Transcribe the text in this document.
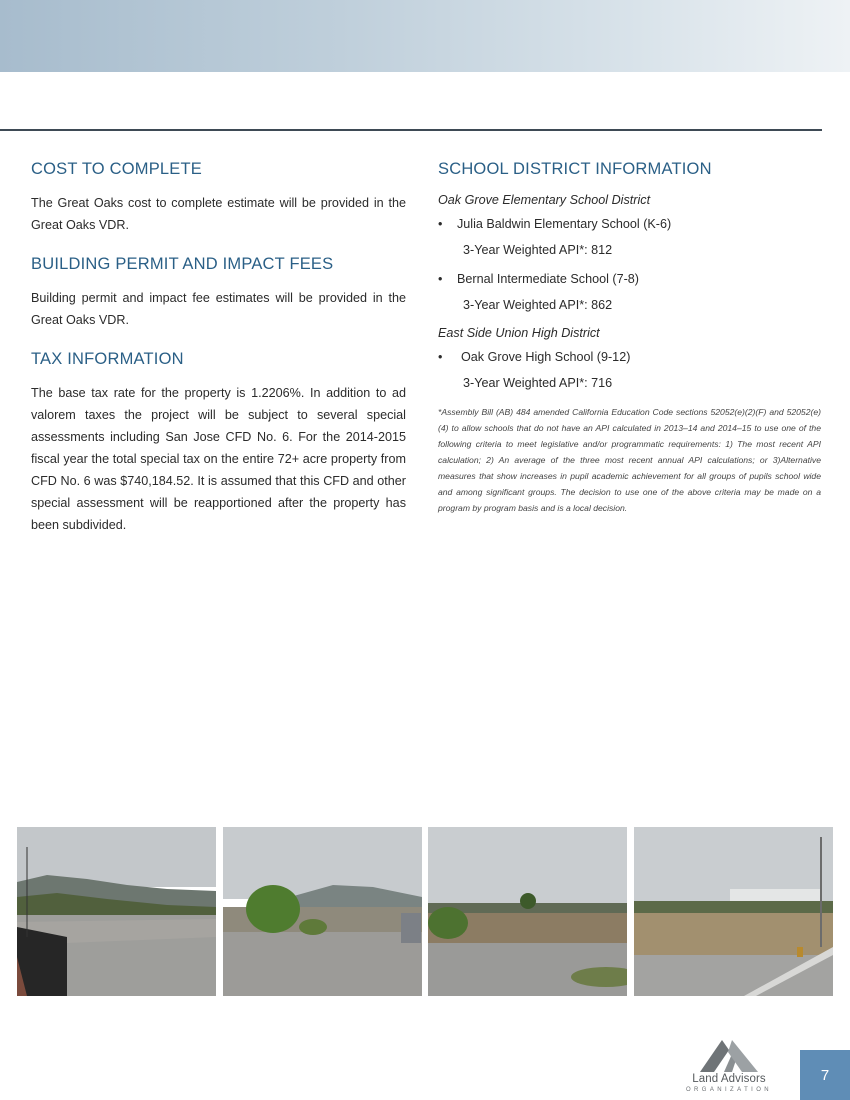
COST TO COMPLETE

The Great Oaks cost to complete estimate will be provided in the Great Oaks VDR.

BUILDING PERMIT AND IMPACT FEES

Building permit and impact fee estimates will be provided in the Great Oaks VDR.

TAX INFORMATION

The base tax rate for the property is 1.2206%. In addition to ad valorem taxes the project will be subject to several special assessments including San Jose CFD No. 6. For the 2014-2015 fiscal year the total special tax on the entire 72+ acre property from CFD No. 6 was $740,184.52. It is assumed that this CFD and other special assessment will be reapportioned after the property has been subdivided.

SCHOOL DISTRICT INFORMATION
Oak Grove Elementary School District
•	Julia Baldwin Elementary School (K-6)
3-Year Weighted API*: 812
•	Bernal Intermediate School (7-8)
3-Year Weighted API*: 862
East Side Union High District
•	Oak Grove High School (9-12)
3-Year Weighted API*: 716
*Assembly Bill (AB) 484 amended California Education Code sections 52052(e)(2)(F) and 52052(e)(4) to allow schools that do not have an API calculated in 2013–14 and 2014–15 to use one of the following criteria to meet legislative and/or programmatic requirements: 1) The most recent API calculation; 2) An average of the three most recent annual API calculations; or 3)Alternative measures that show increases in pupil academic achievement for all groups of pupils school wide and among significant groups. The decision to use one of the above criteria may be made on a program by program basis and is a local decision.
Land Advisors
ORGANIZATION
7
